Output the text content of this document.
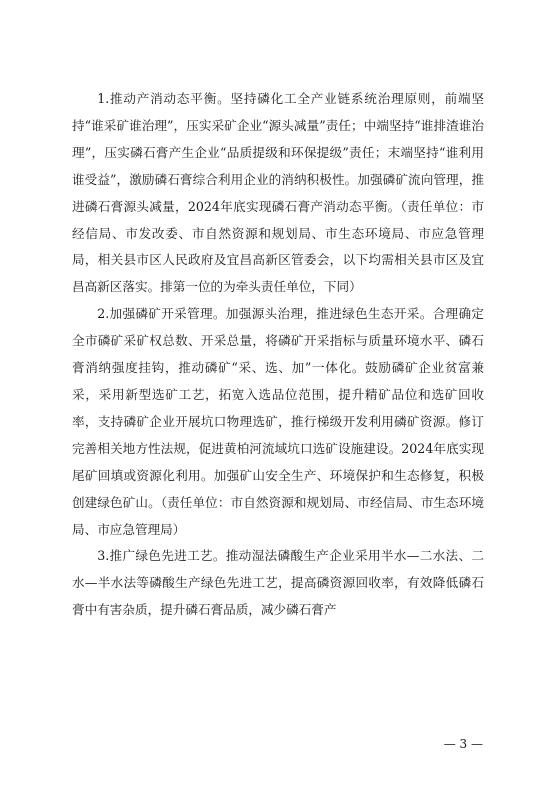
1.推动产消动态平衡。坚持磷化工全产业链系统治理原则，前端坚持“谁采矿谁治理”，压实采矿企业“源头减量”责任；中端坚持“谁排渣谁治理”，压实磷石膏产生企业“品质提级和环保提级”责任；末端坚持“谁利用谁受益”，激励磷石膏综合利用企业的消纳积极性。加强磷矿流向管理，推进磷石膏源头减量，2024年底实现磷石膏产消动态平衡。（责任单位：市经信局、市发改委、市自然资源和规划局、市生态环境局、市应急管理局，相关县市区人民政府及宜昌高新区管委会，以下均需相关县市区及宜昌高新区落实。排第一位的为牵头责任单位，下同）

2.加强磷矿开采管理。加强源头治理，推进绿色生态开采。合理确定全市磷矿采矿权总数、开采总量，将磷矿开采指标与质量环境水平、磷石膏消纳强度挂钩，推动磷矿“采、选、加”一体化。鼓励磷矿企业贫富兼采，采用新型选矿工艺，拓宽入选品位范围，提升精矿品位和选矿回收率，支持磷矿企业开展坑口物理选矿，推行梯级开发利用磷矿资源。修订完善相关地方性法规，促进黄柏河流域坑口选矿设施建设。2024年底实现尾矿回填或资源化利用。加强矿山安全生产、环境保护和生态修复，积极创建绿色矿山。（责任单位：市自然资源和规划局、市经信局、市生态环境局、市应急管理局）

3.推广绿色先进工艺。推动湿法磷酸生产企业采用半水—二水法、二水—半水法等磷酸生产绿色先进工艺，提高磷资源回收率，有效降低磷石膏中有害杂质，提升磷石膏品质，减少磷石膏产

— 3 —
